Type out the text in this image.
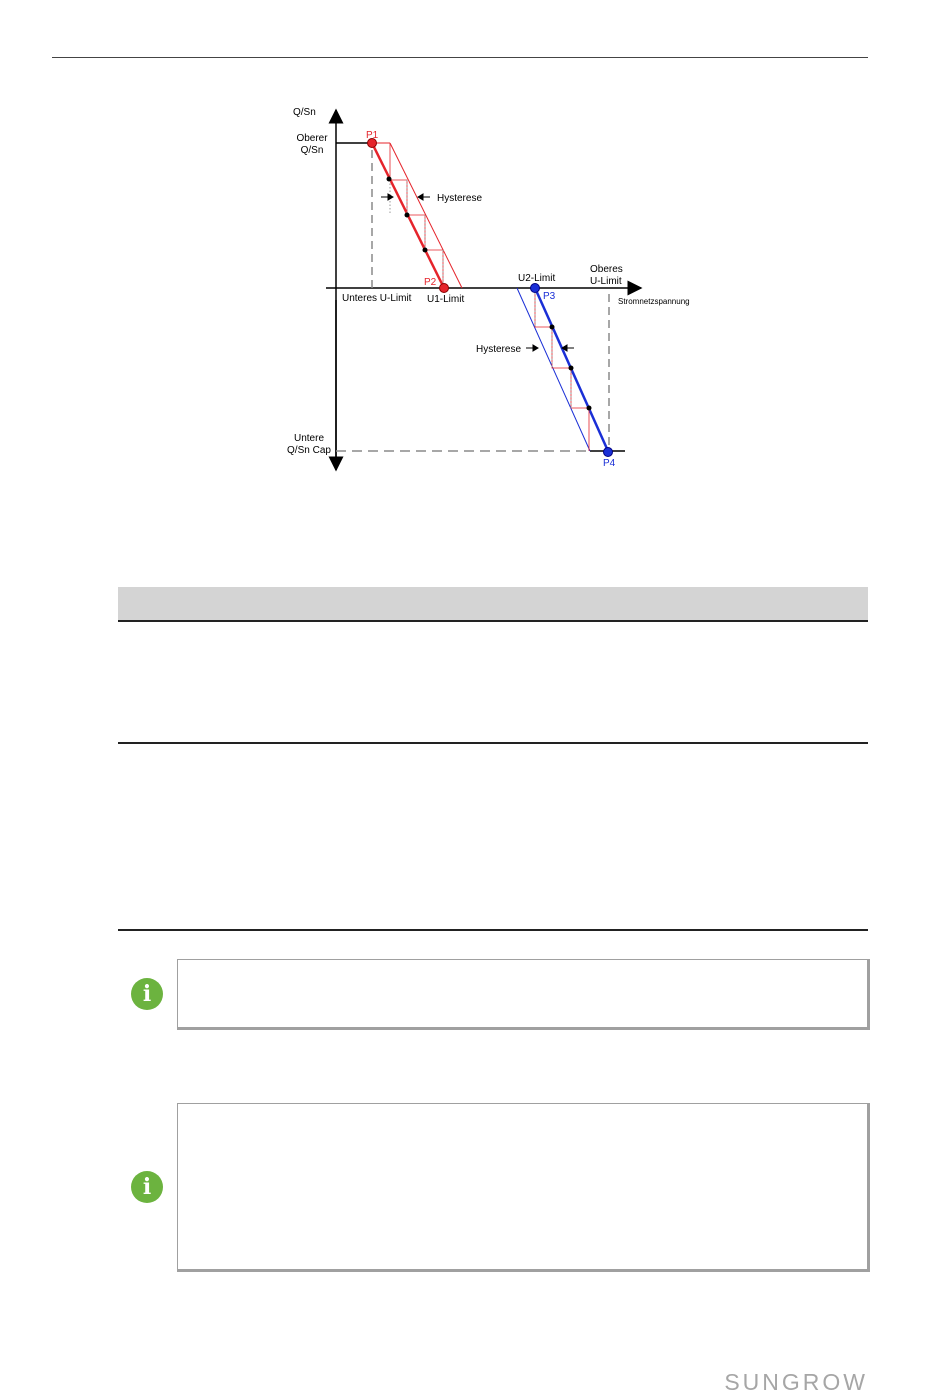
Q/Sn
Oberer
Q/Sn
Untere
Q/Sn Cap
P1
P2
P3
P4
Unteres U-Limit U1-Limit
U2-Limit
Oberes
U-Limit
Stromnetzspannung
Hysterese
Hysterese
i
i
SUNGROW
